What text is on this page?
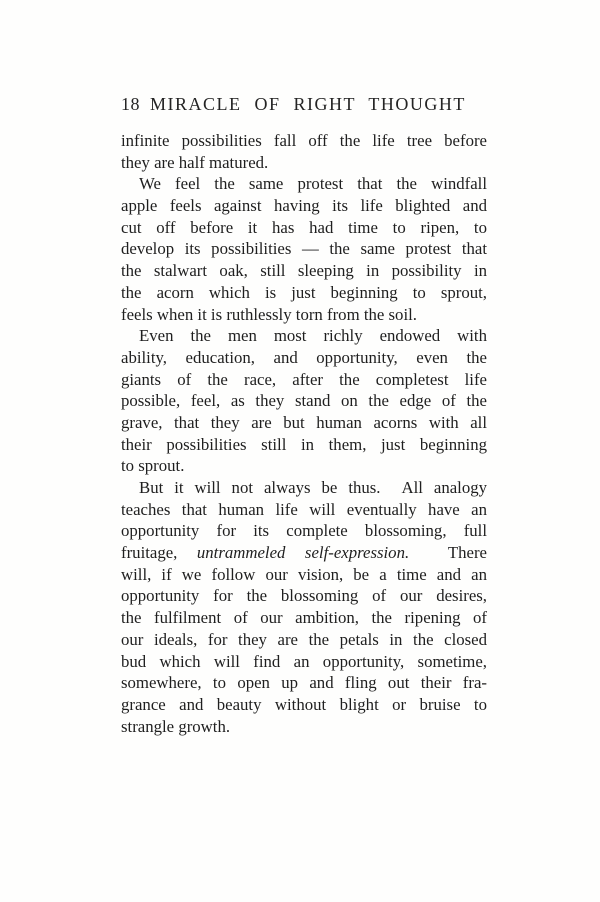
18 MIRACLE OF RIGHT THOUGHT
infinite possibilities fall off the life tree before
they are half matured.
We feel the same protest that the windfall
apple feels against having its life blighted and
cut off before it has had time to ripen, to
develop its possibilities — the same protest that
the stalwart oak, still sleeping in possibility in
the acorn which is just beginning to sprout,
feels when it is ruthlessly torn from the soil.
Even the men most richly endowed with
ability, education, and opportunity, even the
giants of the race, after the completest life
possible, feel, as they stand on the edge of the
grave, that they are but human acorns with all
their possibilities still in them, just beginning
to sprout.
But it will not always be thus.  All analogy
teaches that human life will eventually have an
opportunity for its complete blossoming, full
fruitage, untrammeled self-expression.  There
will, if we follow our vision, be a time and an
opportunity for the blossoming of our desires,
the fulfilment of our ambition, the ripening of
our ideals, for they are the petals in the closed
bud which will find an opportunity, sometime,
somewhere, to open up and fling out their fra-
grance and beauty without blight or bruise to
strangle growth.
